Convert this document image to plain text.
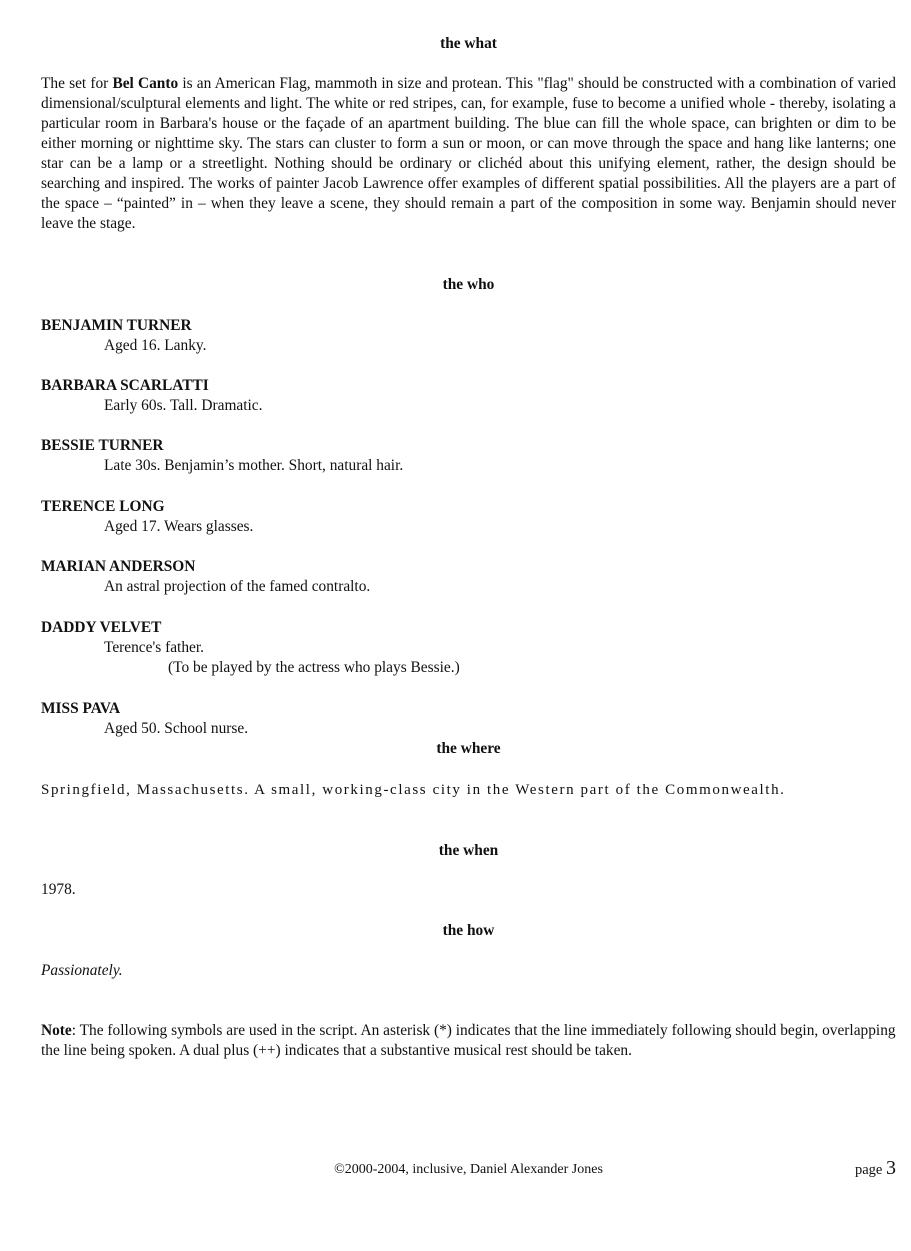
the what
The set for Bel Canto is an American Flag, mammoth in size and protean. This "flag" should be constructed with a combination of varied dimensional/sculptural elements and light. The white or red stripes, can, for example, fuse to become a unified whole - thereby, isolating a particular room in Barbara's house or the façade of an apartment building. The blue can fill the whole space, can brighten or dim to be either morning or nighttime sky. The stars can cluster to form a sun or moon, or can move through the space and hang like lanterns; one star can be a lamp or a streetlight. Nothing should be ordinary or clichéd about this unifying element, rather, the design should be searching and inspired. The works of painter Jacob Lawrence offer examples of different spatial possibilities. All the players are a part of the space – “painted” in – when they leave a scene, they should remain a part of the composition in some way. Benjamin should never leave the stage.
the who
BENJAMIN TURNER
Aged 16. Lanky.
BARBARA SCARLATTI
Early 60s. Tall. Dramatic.
BESSIE TURNER
Late 30s. Benjamin’s mother. Short, natural hair.
TERENCE LONG
Aged 17. Wears glasses.
MARIAN ANDERSON
An astral projection of the famed contralto.
DADDY VELVET
Terence's father.
(To be played by the actress who plays Bessie.)
MISS PAVA
Aged 50. School nurse.
the where
Springfield, Massachusetts. A small, working-class city in the Western part of the Commonwealth.
the when
1978.
the how
Passionately.
Note: The following symbols are used in the script. An asterisk (*) indicates that the line immediately following should begin, overlapping the line being spoken. A dual plus (++) indicates that a substantive musical rest should be taken.
©2000-2004, inclusive, Daniel Alexander Jones	page 3
